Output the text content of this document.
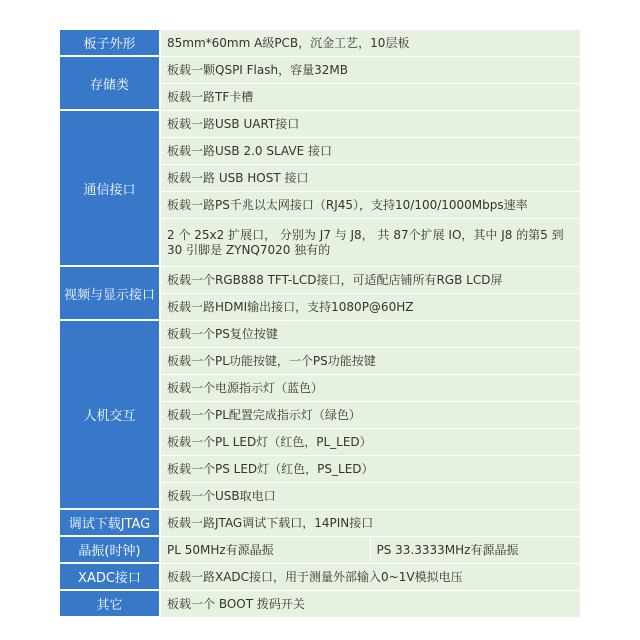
板子外形	85mm*60mm A级PCB，沉金工艺，10层板	
存储类	板载一颗QSPI Flash，容量32MB	
	板载一路TF卡槽	
通信接口	板载一路USB UART接口	
	板载一路USB 2.0 SLAVE 接口	
	板载一路 USB HOST 接口	
	板载一路PS千兆以太网接口（RJ45），支持10/100/1000Mbps速率	
	2 个 25x2 扩展口， 分别为 J7 与 J8， 共 87个扩展 IO，其中 J8 的第5 到 30 引脚是 ZYNQ7020 独有的	
视频与显示接口	板载一个RGB888 TFT-LCD接口，可适配店铺所有RGB LCD屏	
	板载一路HDMI输出接口，支持1080P@60HZ	
人机交互	板载一个PS复位按键	
	板载一个PL功能按键，一个PS功能按键	
	板载一个电源指示灯（蓝色）	
	板载一个PL配置完成指示灯（绿色）	
	板载一个PL LED灯（红色，PL_LED）	
	板载一个PS LED灯（红色，PS_LED）	
	板载一个USB取电口	
调试下载JTAG	板载一路JTAG调试下载口，14PIN接口	
晶振(时钟)	PL 50MHz有源晶振	PS 33.3333MHz有源晶振
XADC接口	板载一路XADC接口，用于测量外部输入0~1V模拟电压	
其它	板载一个 BOOT 拨码开关	
